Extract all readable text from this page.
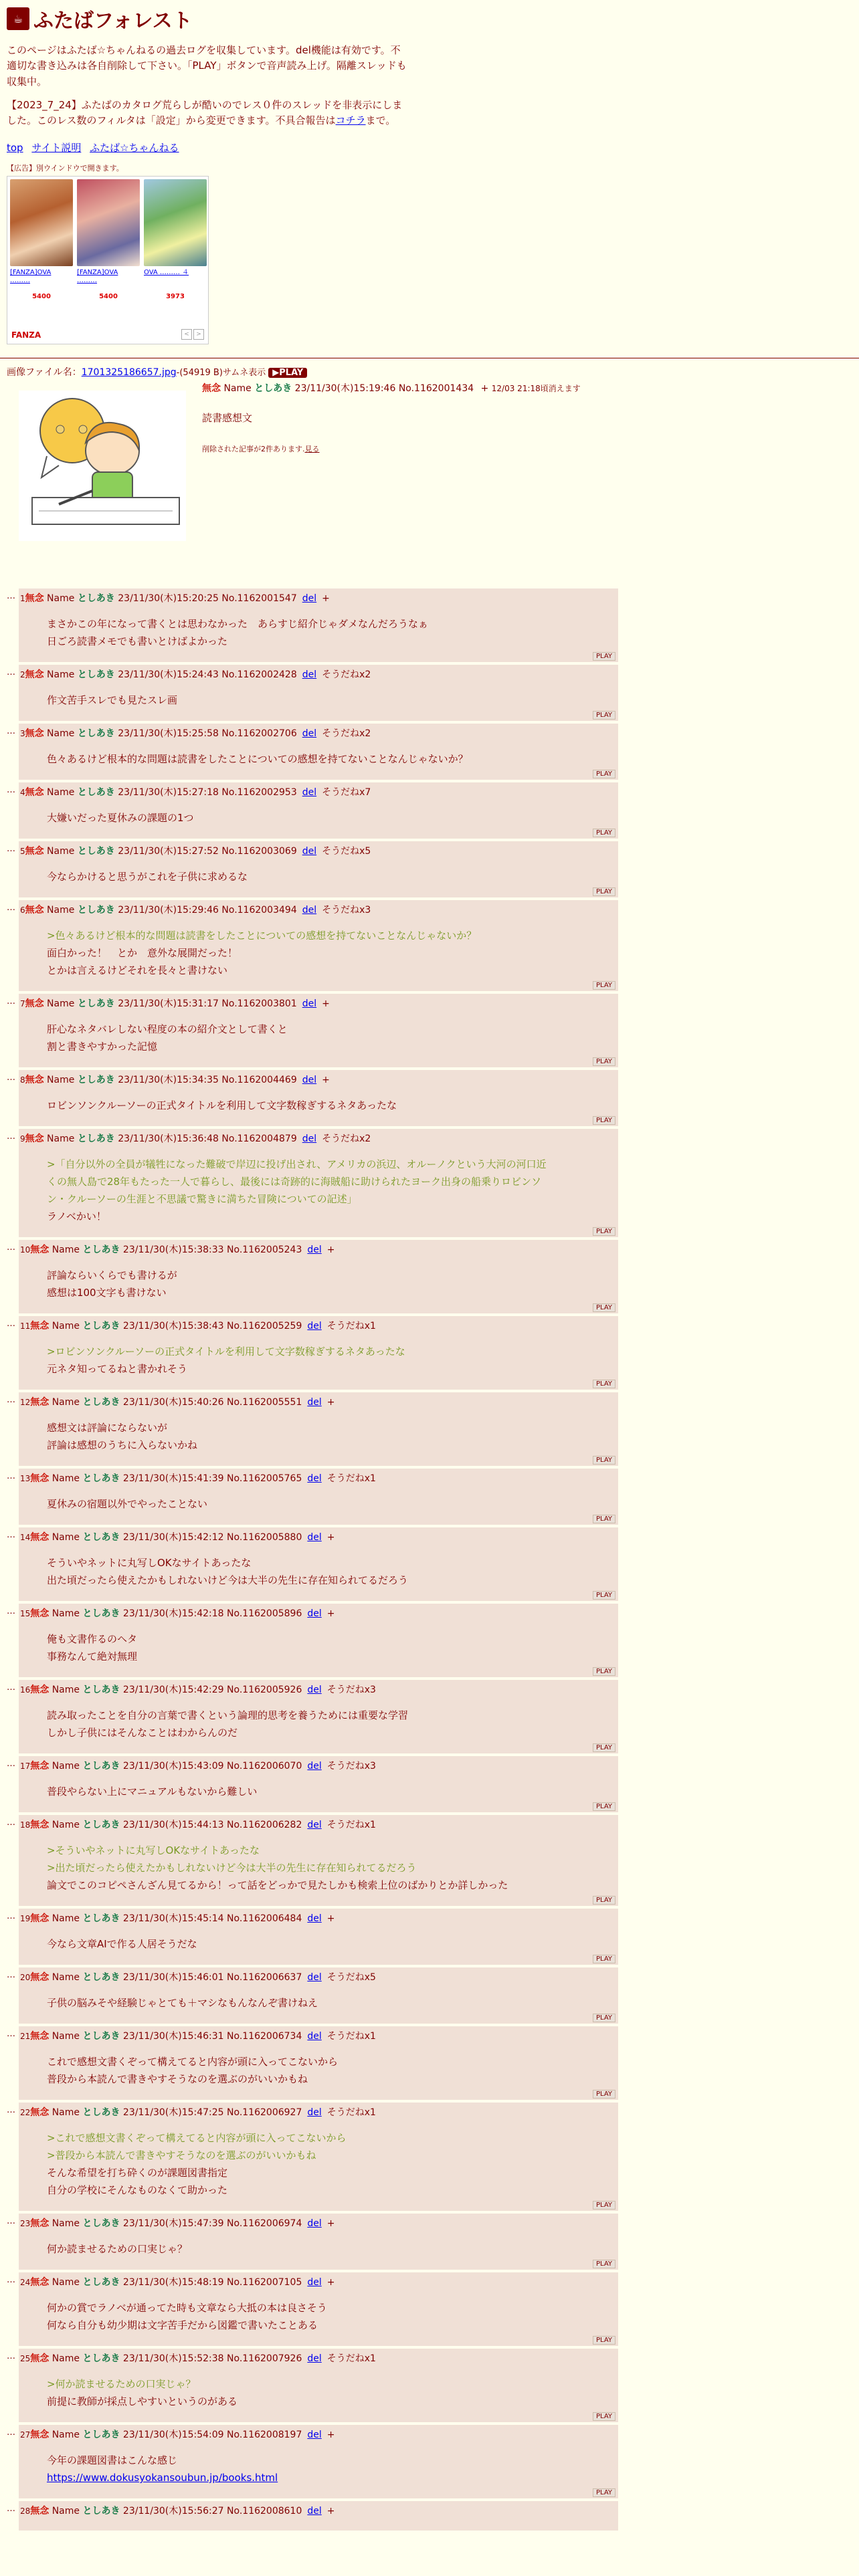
☕ ふたばフォレスト

このページはふたば☆ちゃんねるの過去ログを収集しています。del機能は有効です。不適切な書き込みは各自削除して下さい。「PLAY」ボタンで音声読み上げ。隔離スレッドも収集中。

【2023_7_24】ふたばのカタログ荒らしが酷いのでレス０件のスレッドを非表示にしました。このレス数のフィルタは「設定」から変更できます。不具合報告はコチラまで。

top サイト説明 ふたば☆ちゃんねる
【広告】別ウインドウで開きます。
[FANZA]OVA ………
5400
[FANZA]OVA ………
5400
OVA ……… ４
3973
FANZA	<	>
画像ファイル名：1701325186657.jpg-(54919 B)サムネ表示 ▶PLAY
無念 Name としあき 23/11/30(木)15:19:46 No.1162001434 + 12/03 21:18頃消えます
読書感想文
削除された記事が2件あります.見る
… 1無念 Name としあき 23/11/30(木)15:20:25 No.1162001547 del +
まさかこの年になって書くとは思わなかった　あらすじ紹介じゃダメなんだろうなぁ
日ごろ読書メモでも書いとけばよかった

PLAY
… 2無念 Name としあき 23/11/30(木)15:24:43 No.1162002428 del そうだねx2
作文苦手スレでも見たスレ画

PLAY
… 3無念 Name としあき 23/11/30(木)15:25:58 No.1162002706 del そうだねx2
色々あるけど根本的な問題は読書をしたことについての感想を持てないことなんじゃないか？

PLAY
… 4無念 Name としあき 23/11/30(木)15:27:18 No.1162002953 del そうだねx7
大嫌いだった夏休みの課題の1つ

PLAY
… 5無念 Name としあき 23/11/30(木)15:27:52 No.1162003069 del そうだねx5
今ならかけると思うがこれを子供に求めるな

PLAY
… 6無念 Name としあき 23/11/30(木)15:29:46 No.1162003494 del そうだねx3
>色々あるけど根本的な問題は読書をしたことについての感想を持てないことなんじゃないか？
面白かった！　とか　意外な展開だった！
とかは言えるけどそれを長々と書けない

PLAY
… 7無念 Name としあき 23/11/30(木)15:31:17 No.1162003801 del +
肝心なネタバレしない程度の本の紹介文として書くと
割と書きやすかった記憶

PLAY
… 8無念 Name としあき 23/11/30(木)15:34:35 No.1162004469 del +
ロビンソンクルーソーの正式タイトルを利用して文字数稼ぎするネタあったな

PLAY
… 9無念 Name としあき 23/11/30(木)15:36:48 No.1162004879 del そうだねx2
>「自分以外の全員が犠牲になった難破で岸辺に投げ出され、アメリカの浜辺、オルーノクという大河の河口近
くの無人島で28年もたった一人で暮らし、最後には奇跡的に海賊船に助けられたヨーク出身の船乗りロビンソ
ン・クルーソーの生涯と不思議で驚きに満ちた冒険についての記述」
ラノベかい！

PLAY
… 10無念 Name としあき 23/11/30(木)15:38:33 No.1162005243 del +
評論ならいくらでも書けるが
感想は100文字も書けない

PLAY
… 11無念 Name としあき 23/11/30(木)15:38:43 No.1162005259 del そうだねx1
>ロビンソンクルーソーの正式タイトルを利用して文字数稼ぎするネタあったな
元ネタ知ってるねと書かれそう

PLAY
… 12無念 Name としあき 23/11/30(木)15:40:26 No.1162005551 del +
感想文は評論にならないが
評論は感想のうちに入らないかね

PLAY
… 13無念 Name としあき 23/11/30(木)15:41:39 No.1162005765 del そうだねx1
夏休みの宿題以外でやったことない

PLAY
… 14無念 Name としあき 23/11/30(木)15:42:12 No.1162005880 del +
そういやネットに丸写しOKなサイトあったな
出た頃だったら使えたかもしれないけど今は大半の先生に存在知られてるだろう

PLAY
… 15無念 Name としあき 23/11/30(木)15:42:18 No.1162005896 del +
俺も文書作るのヘタ
事務なんて絶対無理

PLAY
… 16無念 Name としあき 23/11/30(木)15:42:29 No.1162005926 del そうだねx3
読み取ったことを自分の言葉で書くという論理的思考を養うためには重要な学習
しかし子供にはそんなことはわからんのだ

PLAY
… 17無念 Name としあき 23/11/30(木)15:43:09 No.1162006070 del そうだねx3
普段やらない上にマニュアルもないから難しい

PLAY
… 18無念 Name としあき 23/11/30(木)15:44:13 No.1162006282 del そうだねx1
>そういやネットに丸写しOKなサイトあったな
>出た頃だったら使えたかもしれないけど今は大半の先生に存在知られてるだろう
論文でこのコピペさんざん見てるから！って話をどっかで見たしかも検索上位のばかりとか詳しかった

PLAY
… 19無念 Name としあき 23/11/30(木)15:45:14 No.1162006484 del +
今なら文章AIで作る人居そうだな

PLAY
… 20無念 Name としあき 23/11/30(木)15:46:01 No.1162006637 del そうだねx5
子供の脳みそや経験じゃとても＋マシなもんなんぞ書けねえ

PLAY
… 21無念 Name としあき 23/11/30(木)15:46:31 No.1162006734 del そうだねx1
これで感想文書くぞって構えてると内容が頭に入ってこないから
普段から本読んで書きやすそうなのを選ぶのがいいかもね

PLAY
… 22無念 Name としあき 23/11/30(木)15:47:25 No.1162006927 del そうだねx1
>これで感想文書くぞって構えてると内容が頭に入ってこないから
>普段から本読んで書きやすそうなのを選ぶのがいいかもね
そんな希望を打ち砕くのが課題図書指定
自分の学校にそんなものなくて助かった

PLAY
… 23無念 Name としあき 23/11/30(木)15:47:39 No.1162006974 del +
何か読ませるための口実じゃ？

PLAY
… 24無念 Name としあき 23/11/30(木)15:48:19 No.1162007105 del +
何かの賞でラノベが通ってた時も文章なら大抵の本は良さそう
何なら自分も幼少期は文字苦手だから図鑑で書いたことある

PLAY
… 25無念 Name としあき 23/11/30(木)15:52:38 No.1162007926 del そうだねx1
>何か読ませるための口実じゃ？
前提に教師が採点しやすいというのがある

PLAY
… 27無念 Name としあき 23/11/30(木)15:54:09 No.1162008197 del +
今年の課題図書はこんな感じ
https://www.dokusyokansoubun.jp/books.html

PLAY
… 28無念 Name としあき 23/11/30(木)15:56:27 No.1162008610 del +
